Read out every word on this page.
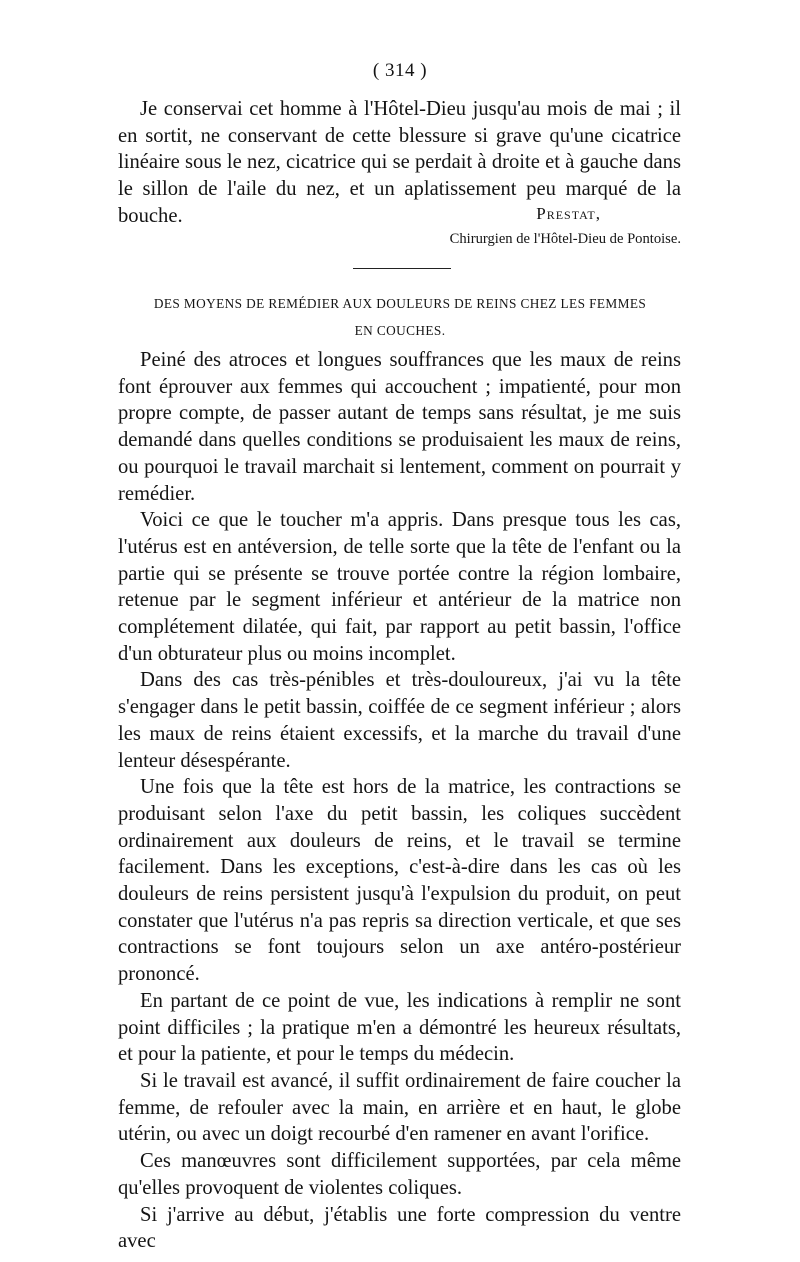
( 314 )

Je conservai cet homme à l'Hôtel-Dieu jusqu'au mois de mai ; il en sortit, ne conservant de cette blessure si grave qu'une cicatrice linéaire sous le nez, cicatrice qui se perdait à droite et à gauche dans le sillon de l'aile du nez, et un aplatissement peu marqué de la bouche.	Prestat,
Chirurgien de l'Hôtel-Dieu de Pontoise.
DES MOYENS DE REMÉDIER AUX DOULEURS DE REINS CHEZ LES FEMMES
EN COUCHES.

Peiné des atroces et longues souffrances que les maux de reins font éprouver aux femmes qui accouchent ; impatienté, pour mon propre compte, de passer autant de temps sans résultat, je me suis demandé dans quelles conditions se produisaient les maux de reins, ou pourquoi le travail marchait si lentement, comment on pourrait y remédier.

Voici ce que le toucher m'a appris. Dans presque tous les cas, l'utérus est en antéversion, de telle sorte que la tête de l'enfant ou la partie qui se présente se trouve portée contre la région lombaire, retenue par le segment inférieur et antérieur de la matrice non complétement dilatée, qui fait, par rapport au petit bassin, l'office d'un obturateur plus ou moins incomplet.

Dans des cas très-pénibles et très-douloureux, j'ai vu la tête s'engager dans le petit bassin, coiffée de ce segment inférieur ; alors les maux de reins étaient excessifs, et la marche du travail d'une lenteur désespérante.

Une fois que la tête est hors de la matrice, les contractions se produisant selon l'axe du petit bassin, les coliques succèdent ordinairement aux douleurs de reins, et le travail se termine facilement. Dans les exceptions, c'est-à-dire dans les cas où les douleurs de reins persistent jusqu'à l'expulsion du produit, on peut constater que l'utérus n'a pas repris sa direction verticale, et que ses contractions se font toujours selon un axe antéro-postérieur prononcé.

En partant de ce point de vue, les indications à remplir ne sont point difficiles ; la pratique m'en a démontré les heureux résultats, et pour la patiente, et pour le temps du médecin.

Si le travail est avancé, il suffit ordinairement de faire coucher la femme, de refouler avec la main, en arrière et en haut, le globe utérin, ou avec un doigt recourbé d'en ramener en avant l'orifice.

Ces manœuvres sont difficilement supportées, par cela même qu'elles provoquent de violentes coliques.

Si j'arrive au début, j'établis une forte compression du ventre avec
